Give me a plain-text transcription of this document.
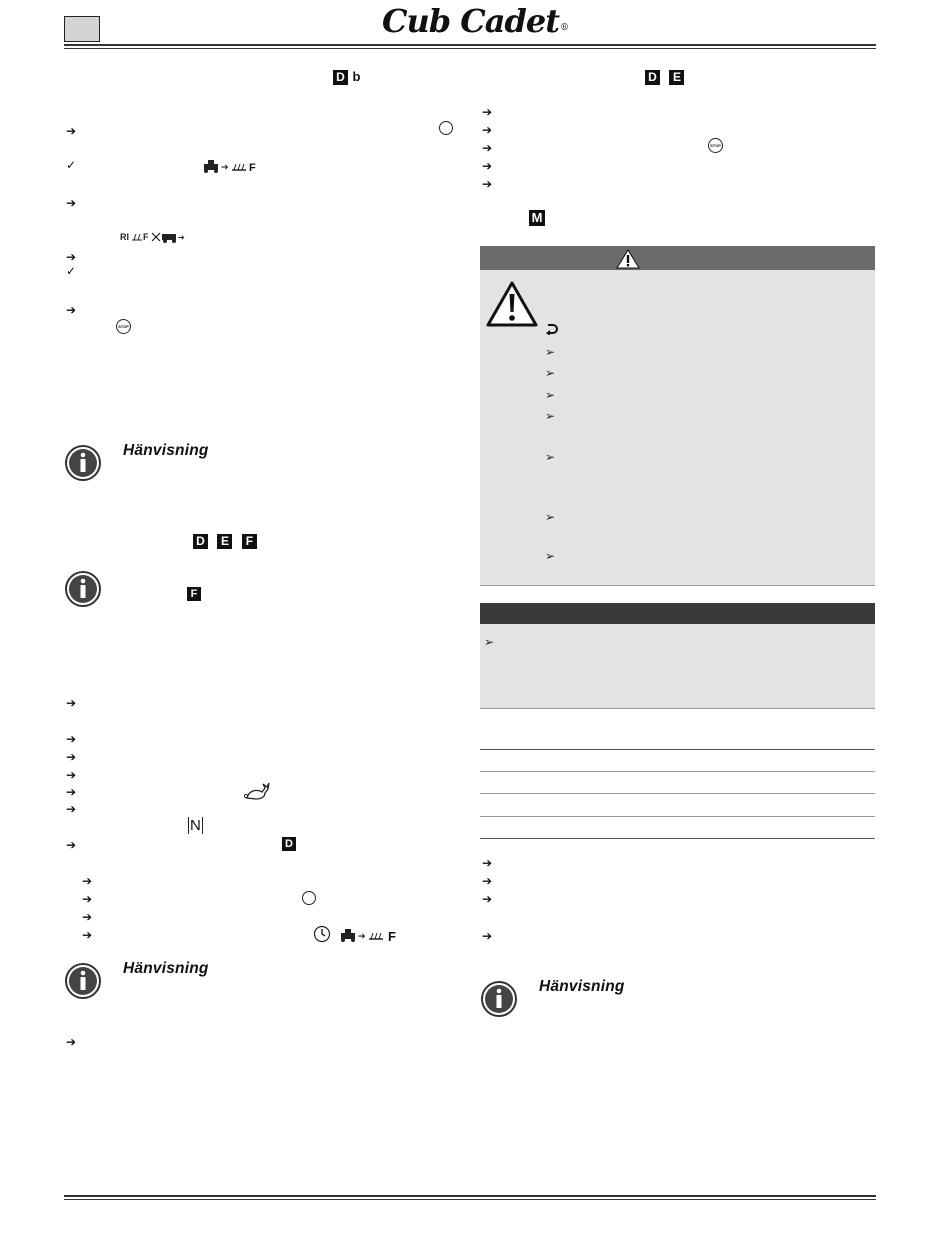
Cub Cadet®
D b
➔
✓	➔ F
➔
RI F	➔
➔
✓
➔
STOP
Hänvisning
D E F
F
➔
➔
➔
➔
➔
➔
N
➔	D
➔
➔
➔
➔	➔ F
Hänvisning
➔
D E
➔
➔
➔	STOP
➔
➔
M
➢
➢
➢
➢
➢
➢
➢
➢
➔
➔
➔
➔
Hänvisning
